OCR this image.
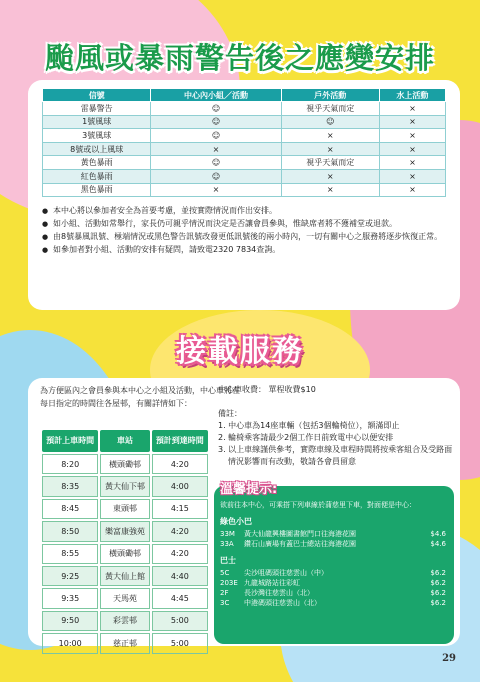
颱風或暴雨警告後之應變安排
信號	中心內小組／活動	戶外活動	水上活動
雷暴警告	☺	視乎天氣而定	×
1號風球	☺	☺	×
3號風球	☺	×	×
8號或以上風球	×	×	×
黃色暴雨	☺	視乎天氣而定	×
紅色暴雨	☺	×	×
黑色暴雨	×	×	×
● 本中心將以參加者安全為首要考慮，並按實際情況而作出安排。
● 如小組、活動如常舉行，家長仍可親乎情況而決定是否讓會員參與，惟缺席者將不獲補堂或退款。
● 由8號暴風訊號、極端情況或黑色警告訊號改發更低訊號後的兩小時內，一切有關中心之服務將逐步恢復正常。
● 如參加者對小組、活動的安排有疑問，請致電2320 7834查詢。
接載服務
為方便區內之會員參與本中心之小組及活動，中心車將在每日指定的時間往各屋邨，有關詳情如下：
中心車收費： 單程收費$10
備註：
1. 中心車為14座車輛（包括3個輪椅位），額滿即止
2. 輪椅乘客請最少2個工作日前致電中心以便安排
3. 以上車線謹供參考，實際車線及車程時間將按乘客組合及受路面情況影響而有改動，敬請各會員留意
預計上車時間	車站	預計到達時間
8:20	橫頭磡邨	4:20
8:35	黃大仙下邨	4:00
8:45	東頭邨	4:15
8:50	樂富康強苑	4:20
8:55	橫頭磡邨	4:20
9:25	黃大仙上館	4:40
9:35	天馬苑	4:45
9:50	彩雲邨	5:00
10:00	慈正邨	5:00
溫馨提示:
欲前往本中心，可乘搭下列車線於蒲慈里下車，對面便是中心：
綠色小巴
33M	黃大仙龍興樓圖書館門口往海港花園	$4.6
33A	鑽石山廣場有蓋巴士總站往海港花園	$4.6
巴士
5C	尖沙咀碼頭往慈雲山（中）	$6.2
203E 九龍城路站往彩虹	$6.2
2F	長沙灣往慈雲山（北）	$6.2
3C	中港碼頭往慈雲山（北）	$6.2
29
